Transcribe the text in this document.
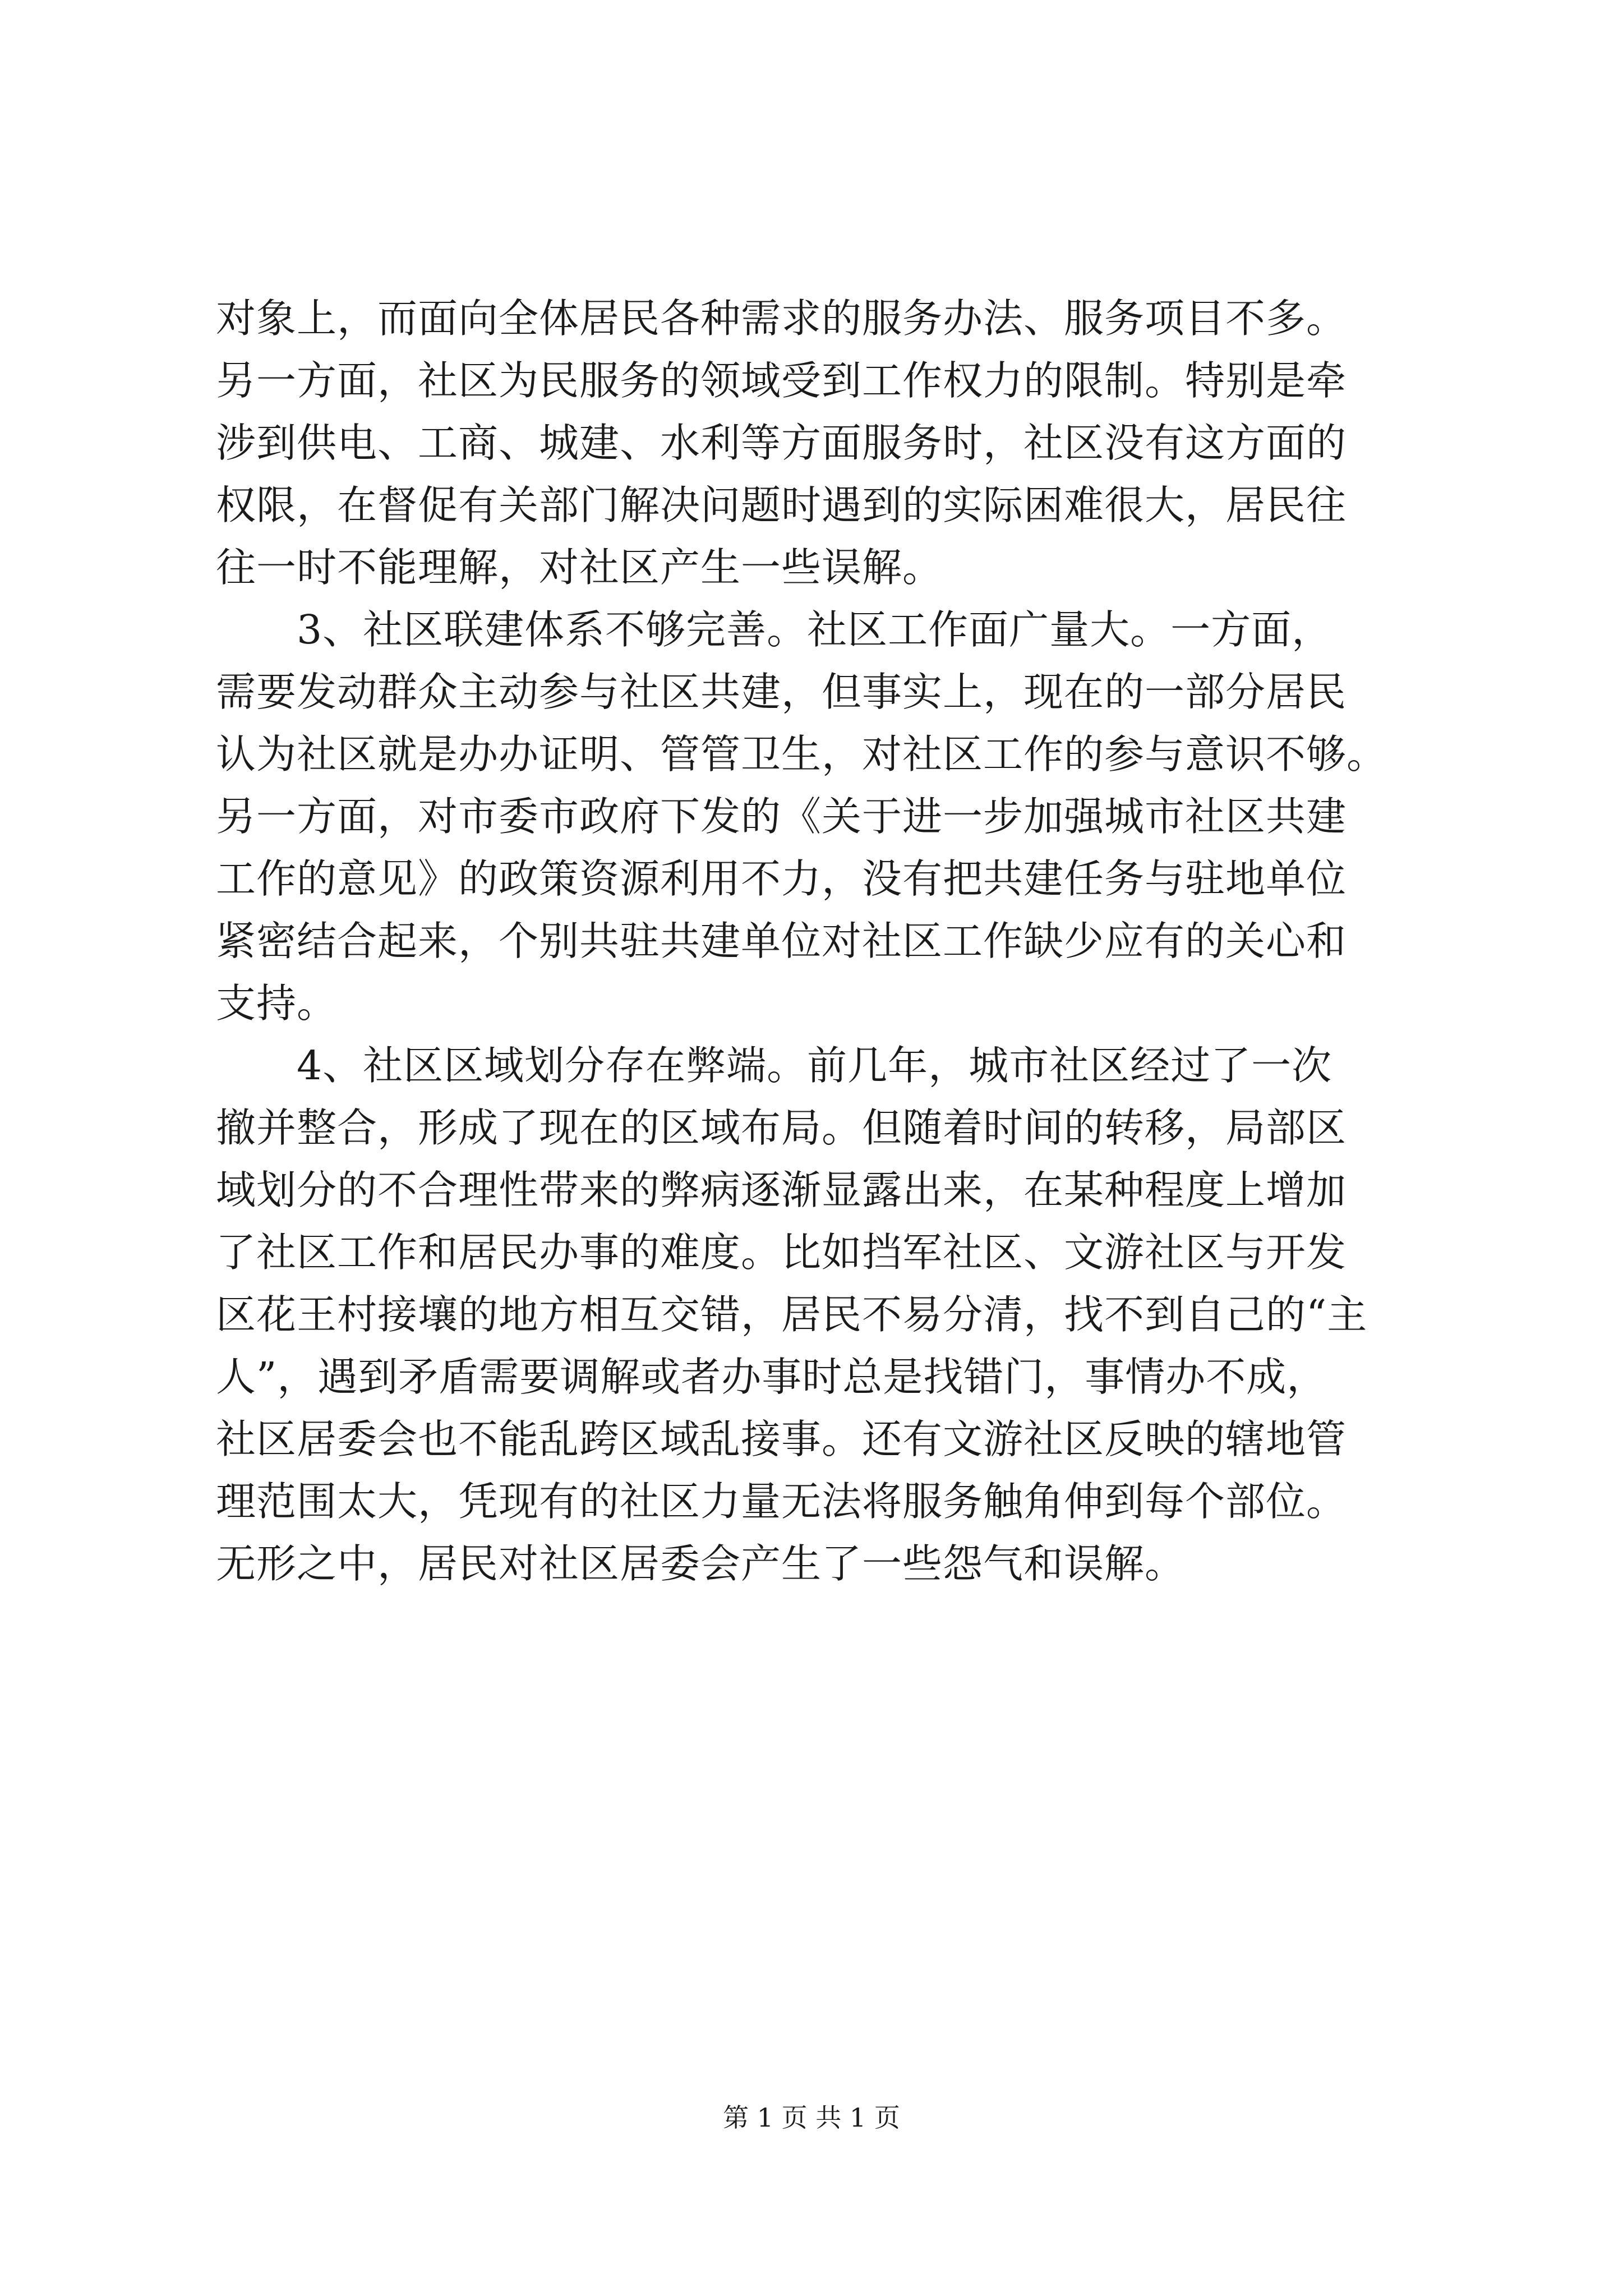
对象上，而面向全体居民各种需求的服务办法、服务项目不多。
另一方面，社区为民服务的领域受到工作权力的限制。特别是牵
涉到供电、工商、城建、水利等方面服务时，社区没有这方面的
权限，在督促有关部门解决问题时遇到的实际困难很大，居民往
往一时不能理解，对社区产生一些误解。
　　3、社区联建体系不够完善。社区工作面广量大。一方面，
需要发动群众主动参与社区共建，但事实上，现在的一部分居民
认为社区就是办办证明、管管卫生，对社区工作的参与意识不够。
另一方面，对市委市政府下发的《关于进一步加强城市社区共建
工作的意见》的政策资源利用不力，没有把共建任务与驻地单位
紧密结合起来，个别共驻共建单位对社区工作缺少应有的关心和
支持。
　　4、社区区域划分存在弊端。前几年，城市社区经过了一次
撤并整合，形成了现在的区域布局。但随着时间的转移，局部区
域划分的不合理性带来的弊病逐渐显露出来，在某种程度上增加
了社区工作和居民办事的难度。比如挡军社区、文游社区与开发
区花王村接壤的地方相互交错，居民不易分清，找不到自己的“主
人”，遇到矛盾需要调解或者办事时总是找错门，事情办不成，
社区居委会也不能乱跨区域乱接事。还有文游社区反映的辖地管
理范围太大，凭现有的社区力量无法将服务触角伸到每个部位。
无形之中，居民对社区居委会产生了一些怨气和误解。
第 1 页 共 1 页
